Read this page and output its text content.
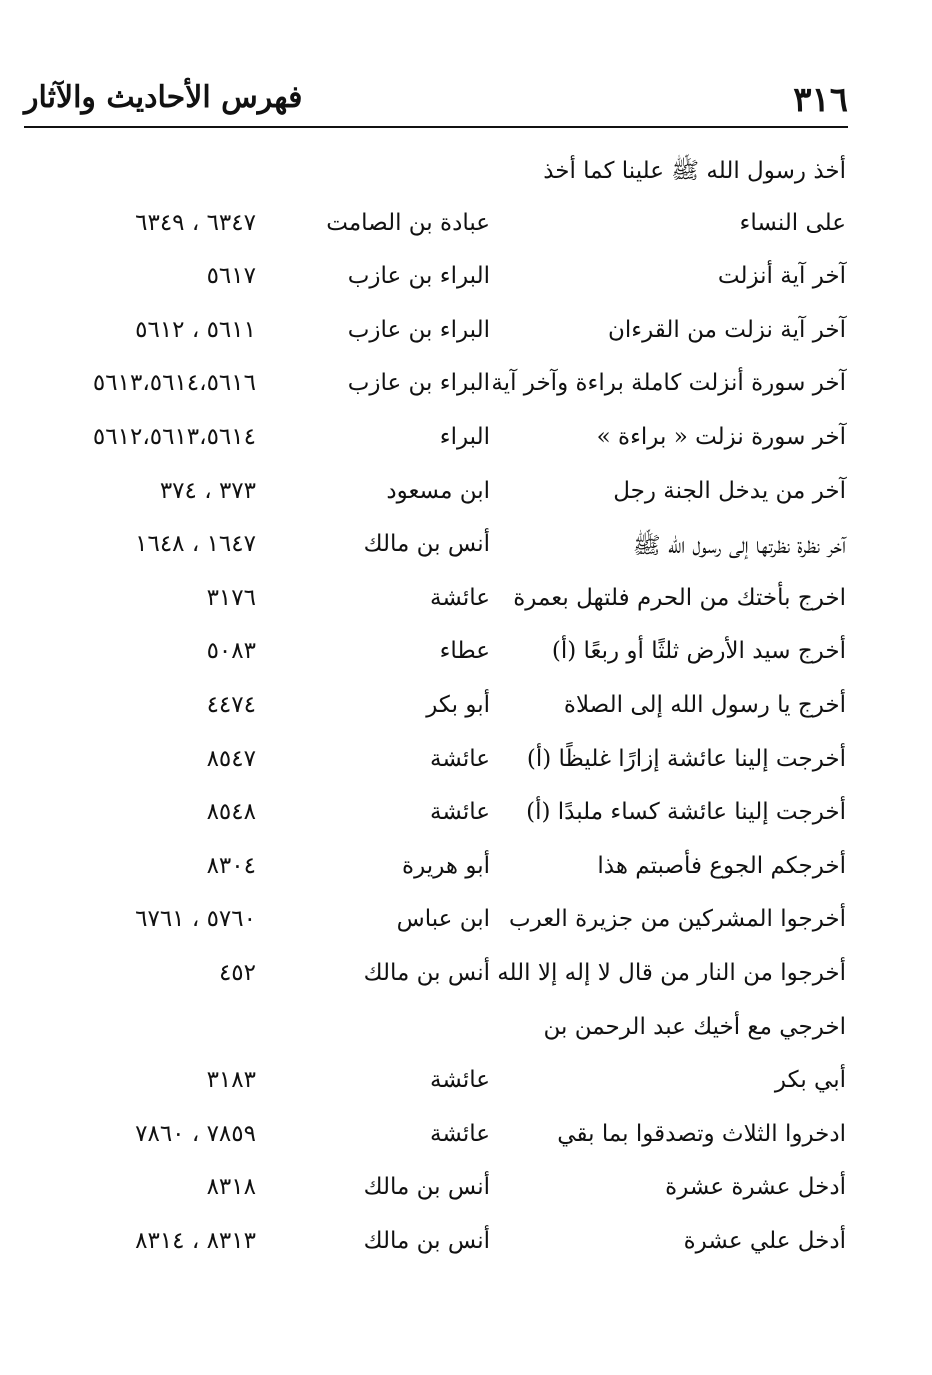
٣١٦
فهرس الأحاديث والآثار
أخذ رسول الله ﷺ علينا كما أخذ
على النساء
عبادة بن الصامت
٦٣٤٧ ، ٦٣٤٩
آخر آية أنزلت
البراء بن عازب
٥٦١٧
آخر آية نزلت من القرءان
البراء بن عازب
٥٦١١ ، ٥٦١٢
آخر سورة أنزلت كاملة براءة وآخر آية
البراء بن عازب
٥٦١٣،٥٦١٤،٥٦١٦
آخر سورة نزلت « براءة »
البراء
٥٦١٢،٥٦١٣،٥٦١٤
آخر من يدخل الجنة رجل
ابن مسعود
٣٧٣ ، ٣٧٤
آخر نظرة نظرتها إلى رسول الله ﷺ
أنس بن مالك
١٦٤٧ ، ١٦٤٨
اخرج بأختك من الحرم فلتهل بعمرة
عائشة
٣١٧٦
أخرج سيد الأرض ثلثًا أو ربعًا (أ)
عطاء
٥٠٨٣
أخرج يا رسول الله إلى الصلاة
أبو بكر
٤٤٧٤
أخرجت إلينا عائشة إزارًا غليظًا (أ)
عائشة
٨٥٤٧
أخرجت إلينا عائشة كساء ملبدًا (أ)
عائشة
٨٥٤٨
أخرجكم الجوع فأصبتم هذا
أبو هريرة
٨٣٠٤
أخرجوا المشركين من جزيرة العرب
ابن عباس
٥٧٦٠ ، ٦٧٦١
أخرجوا من النار من قال لا إله إلا الله
أنس بن مالك
٤٥٢
اخرجي مع أخيك عبد الرحمن بن
أبي بكر
عائشة
٣١٨٣
ادخروا الثلاث وتصدقوا بما بقي
عائشة
٧٨٥٩ ، ٧٨٦٠
أدخل عشرة عشرة
أنس بن مالك
٨٣١٨
أدخل علي عشرة
أنس بن مالك
٨٣١٣ ، ٨٣١٤
